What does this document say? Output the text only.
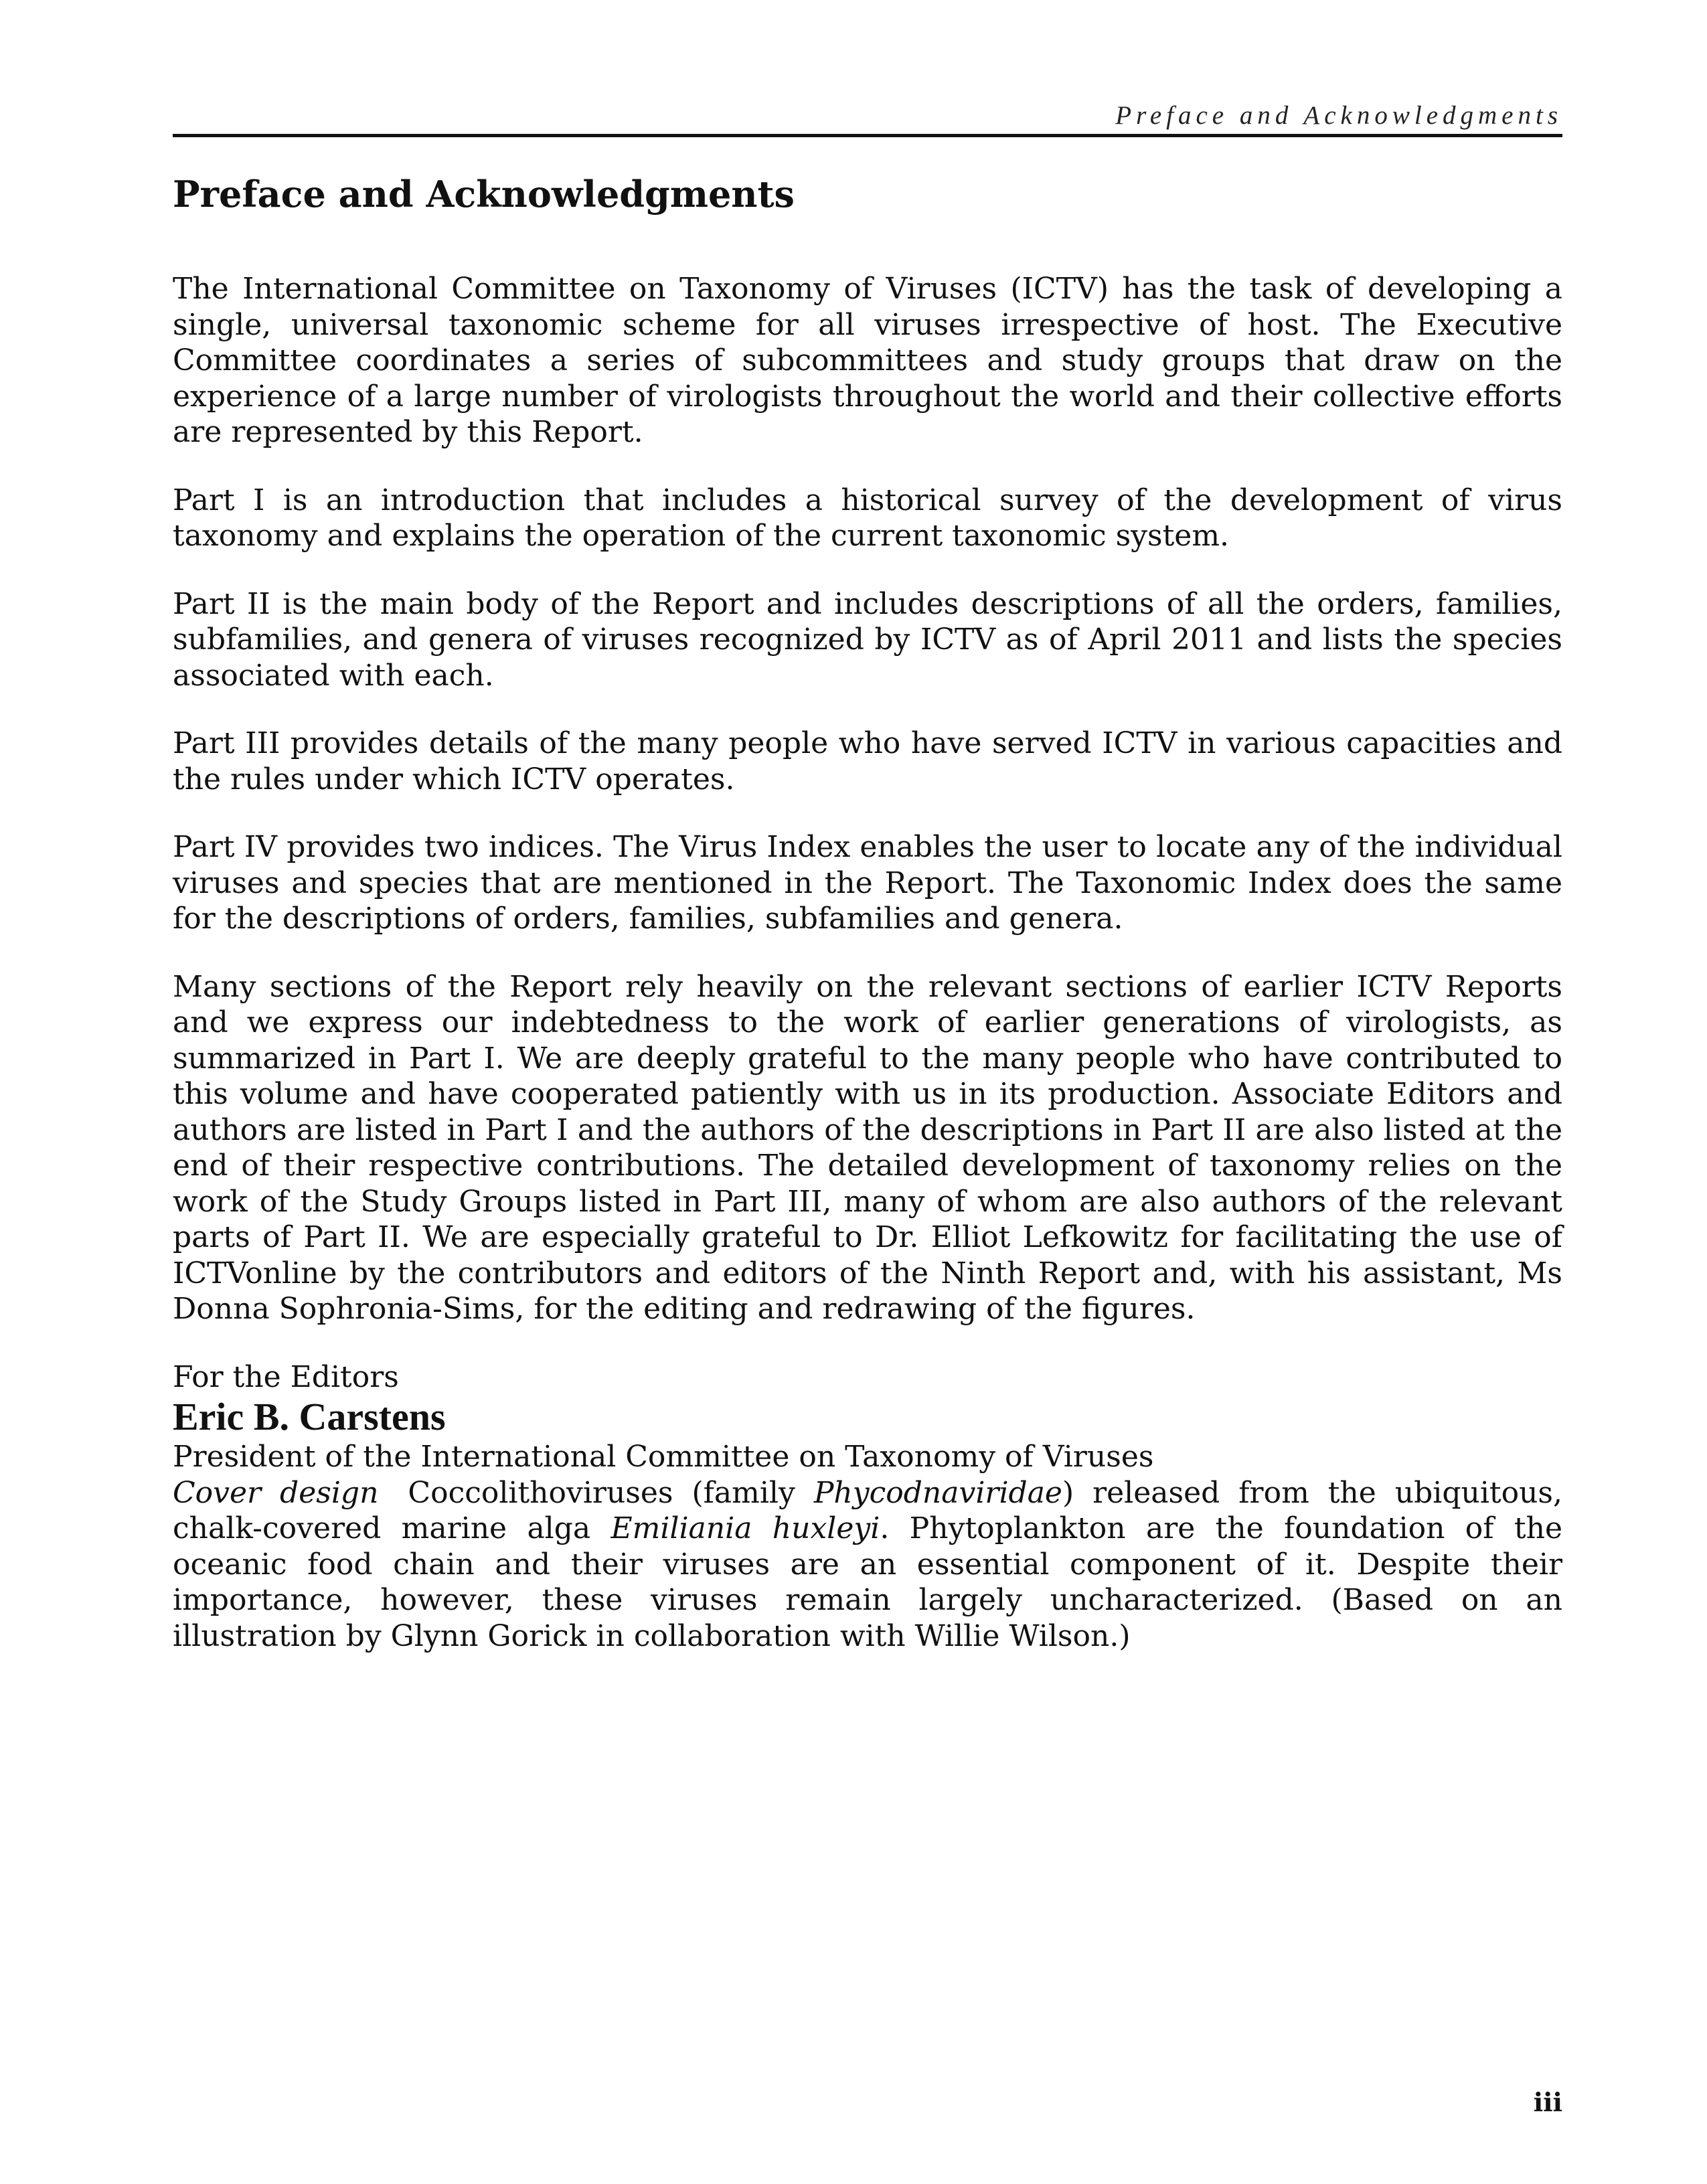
Preface and Acknowledgments
Preface and Acknowledgments

The International Committee on Taxonomy of Viruses (ICTV) has the task of developing a single, universal taxonomic scheme for all viruses irrespective of host. The Executive Committee coordinates a series of subcommittees and study groups that draw on the experience of a large number of virologists throughout the world and their collective efforts are represented by this Report.

Part I is an introduction that includes a historical survey of the development of virus taxonomy and explains the operation of the current taxonomic system.

Part II is the main body of the Report and includes descriptions of all the orders, families, subfamilies, and genera of viruses recognized by ICTV as of April 2011 and lists the species associated with each.

Part III provides details of the many people who have served ICTV in various capacities and the rules under which ICTV operates.

Part IV provides two indices. The Virus Index enables the user to locate any of the individual viruses and species that are mentioned in the Report. The Taxonomic Index does the same for the descriptions of orders, families, subfamilies and genera.

Many sections of the Report rely heavily on the relevant sections of earlier ICTV Reports and we express our indebtedness to the work of earlier generations of virologists, as summarized in Part I. We are deeply grateful to the many people who have contributed to this volume and have cooperated patiently with us in its production. Associate Editors and authors are listed in Part I and the authors of the descriptions in Part II are also listed at the end of their respective contributions. The detailed development of taxonomy relies on the work of the Study Groups listed in Part III, many of whom are also authors of the relevant parts of Part II. We are especially grateful to Dr. Elliot Lefkowitz for facilitating the use of ICTVonline by the contributors and editors of the Ninth Report and, with his assistant, Ms Donna Sophronia-Sims, for the editing and redrawing of the figures.

For the Editors

Eric B. Carstens

President of the International Committee on Taxonomy of Viruses

Cover design Coccolithoviruses (family Phycodnaviridae) released from the ubiquitous, chalk-covered marine alga Emiliania huxleyi. Phytoplankton are the foundation of the oceanic food chain and their viruses are an essential component of it. Despite their importance, however, these viruses remain largely uncharacterized. (Based on an illustration by Glynn Gorick in collaboration with Willie Wilson.)

iii
